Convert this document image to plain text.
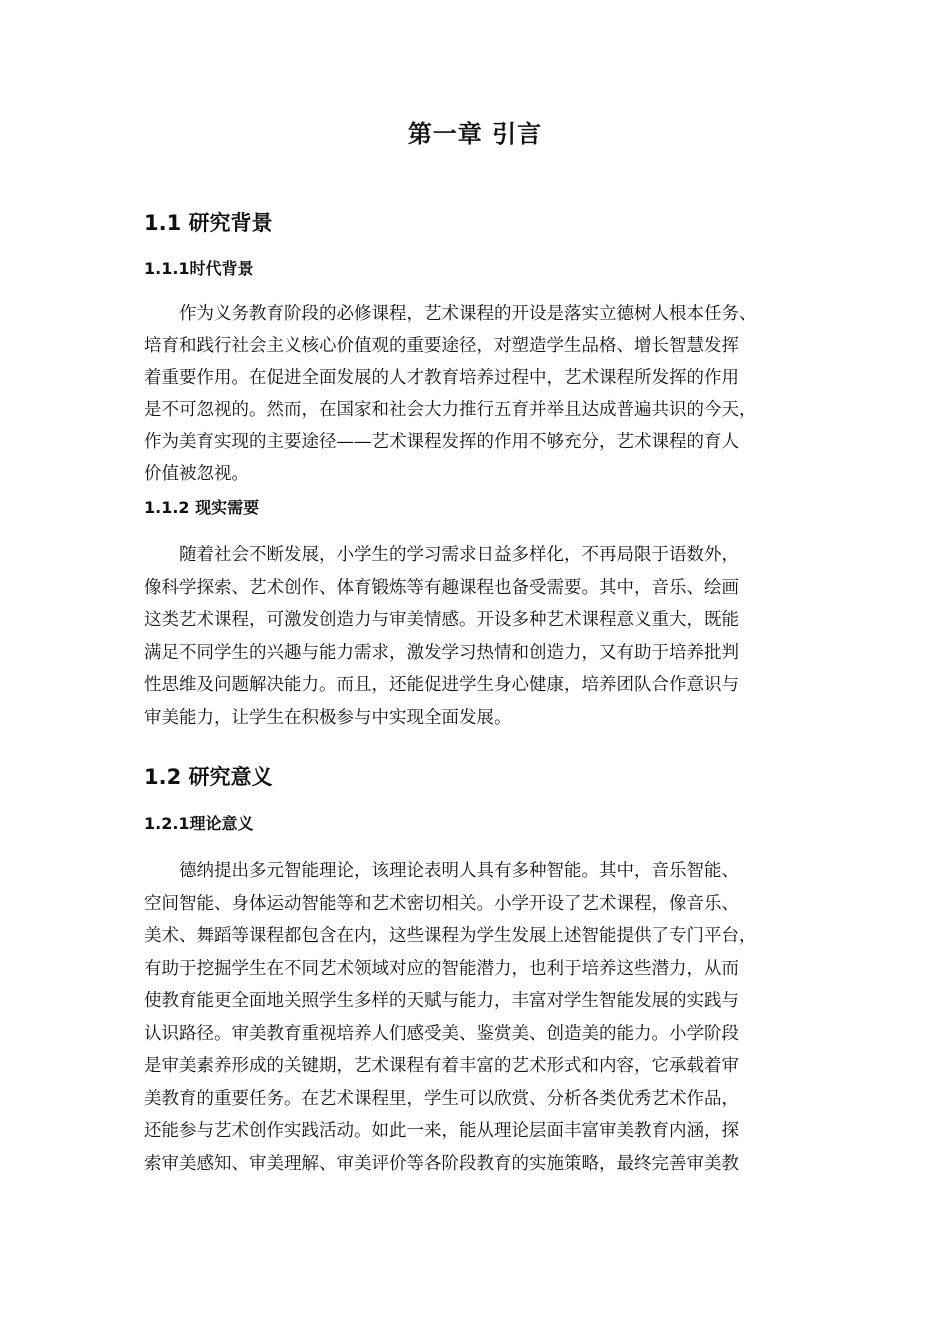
第一章 引言
1.1 研究背景
1.1.1时代背景
作为义务教育阶段的必修课程，艺术课程的开设是落实立德树人根本任务、
培育和践行社会主义核心价值观的重要途径，对塑造学生品格、增长智慧发挥
着重要作用。在促进全面发展的人才教育培养过程中，艺术课程所发挥的作用
是不可忽视的。然而，在国家和社会大力推行五育并举且达成普遍共识的今天，
作为美育实现的主要途径——艺术课程发挥的作用不够充分，艺术课程的育人
价值被忽视。
1.1.2 现实需要
随着社会不断发展，小学生的学习需求日益多样化，不再局限于语数外，
像科学探索、艺术创作、体育锻炼等有趣课程也备受需要。其中，音乐、绘画
这类艺术课程，可激发创造力与审美情感。开设多种艺术课程意义重大，既能
满足不同学生的兴趣与能力需求，激发学习热情和创造力，又有助于培养批判
性思维及问题解决能力。而且，还能促进学生身心健康，培养团队合作意识与
审美能力，让学生在积极参与中实现全面发展。
1.2 研究意义
1.2.1理论意义
德纳提出多元智能理论，该理论表明人具有多种智能。其中，音乐智能、
空间智能、身体运动智能等和艺术密切相关。小学开设了艺术课程，像音乐、
美术、舞蹈等课程都包含在内，这些课程为学生发展上述智能提供了专门平台，
有助于挖掘学生在不同艺术领域对应的智能潜力，也利于培养这些潜力，从而
使教育能更全面地关照学生多样的天赋与能力，丰富对学生智能发展的实践与
认识路径。审美教育重视培养人们感受美、鉴赏美、创造美的能力。小学阶段
是审美素养形成的关键期，艺术课程有着丰富的艺术形式和内容，它承载着审
美教育的重要任务。在艺术课程里，学生可以欣赏、分析各类优秀艺术作品，
还能参与艺术创作实践活动。如此一来，能从理论层面丰富审美教育内涵，探
索审美感知、审美理解、审美评价等各阶段教育的实施策略，最终完善审美教
